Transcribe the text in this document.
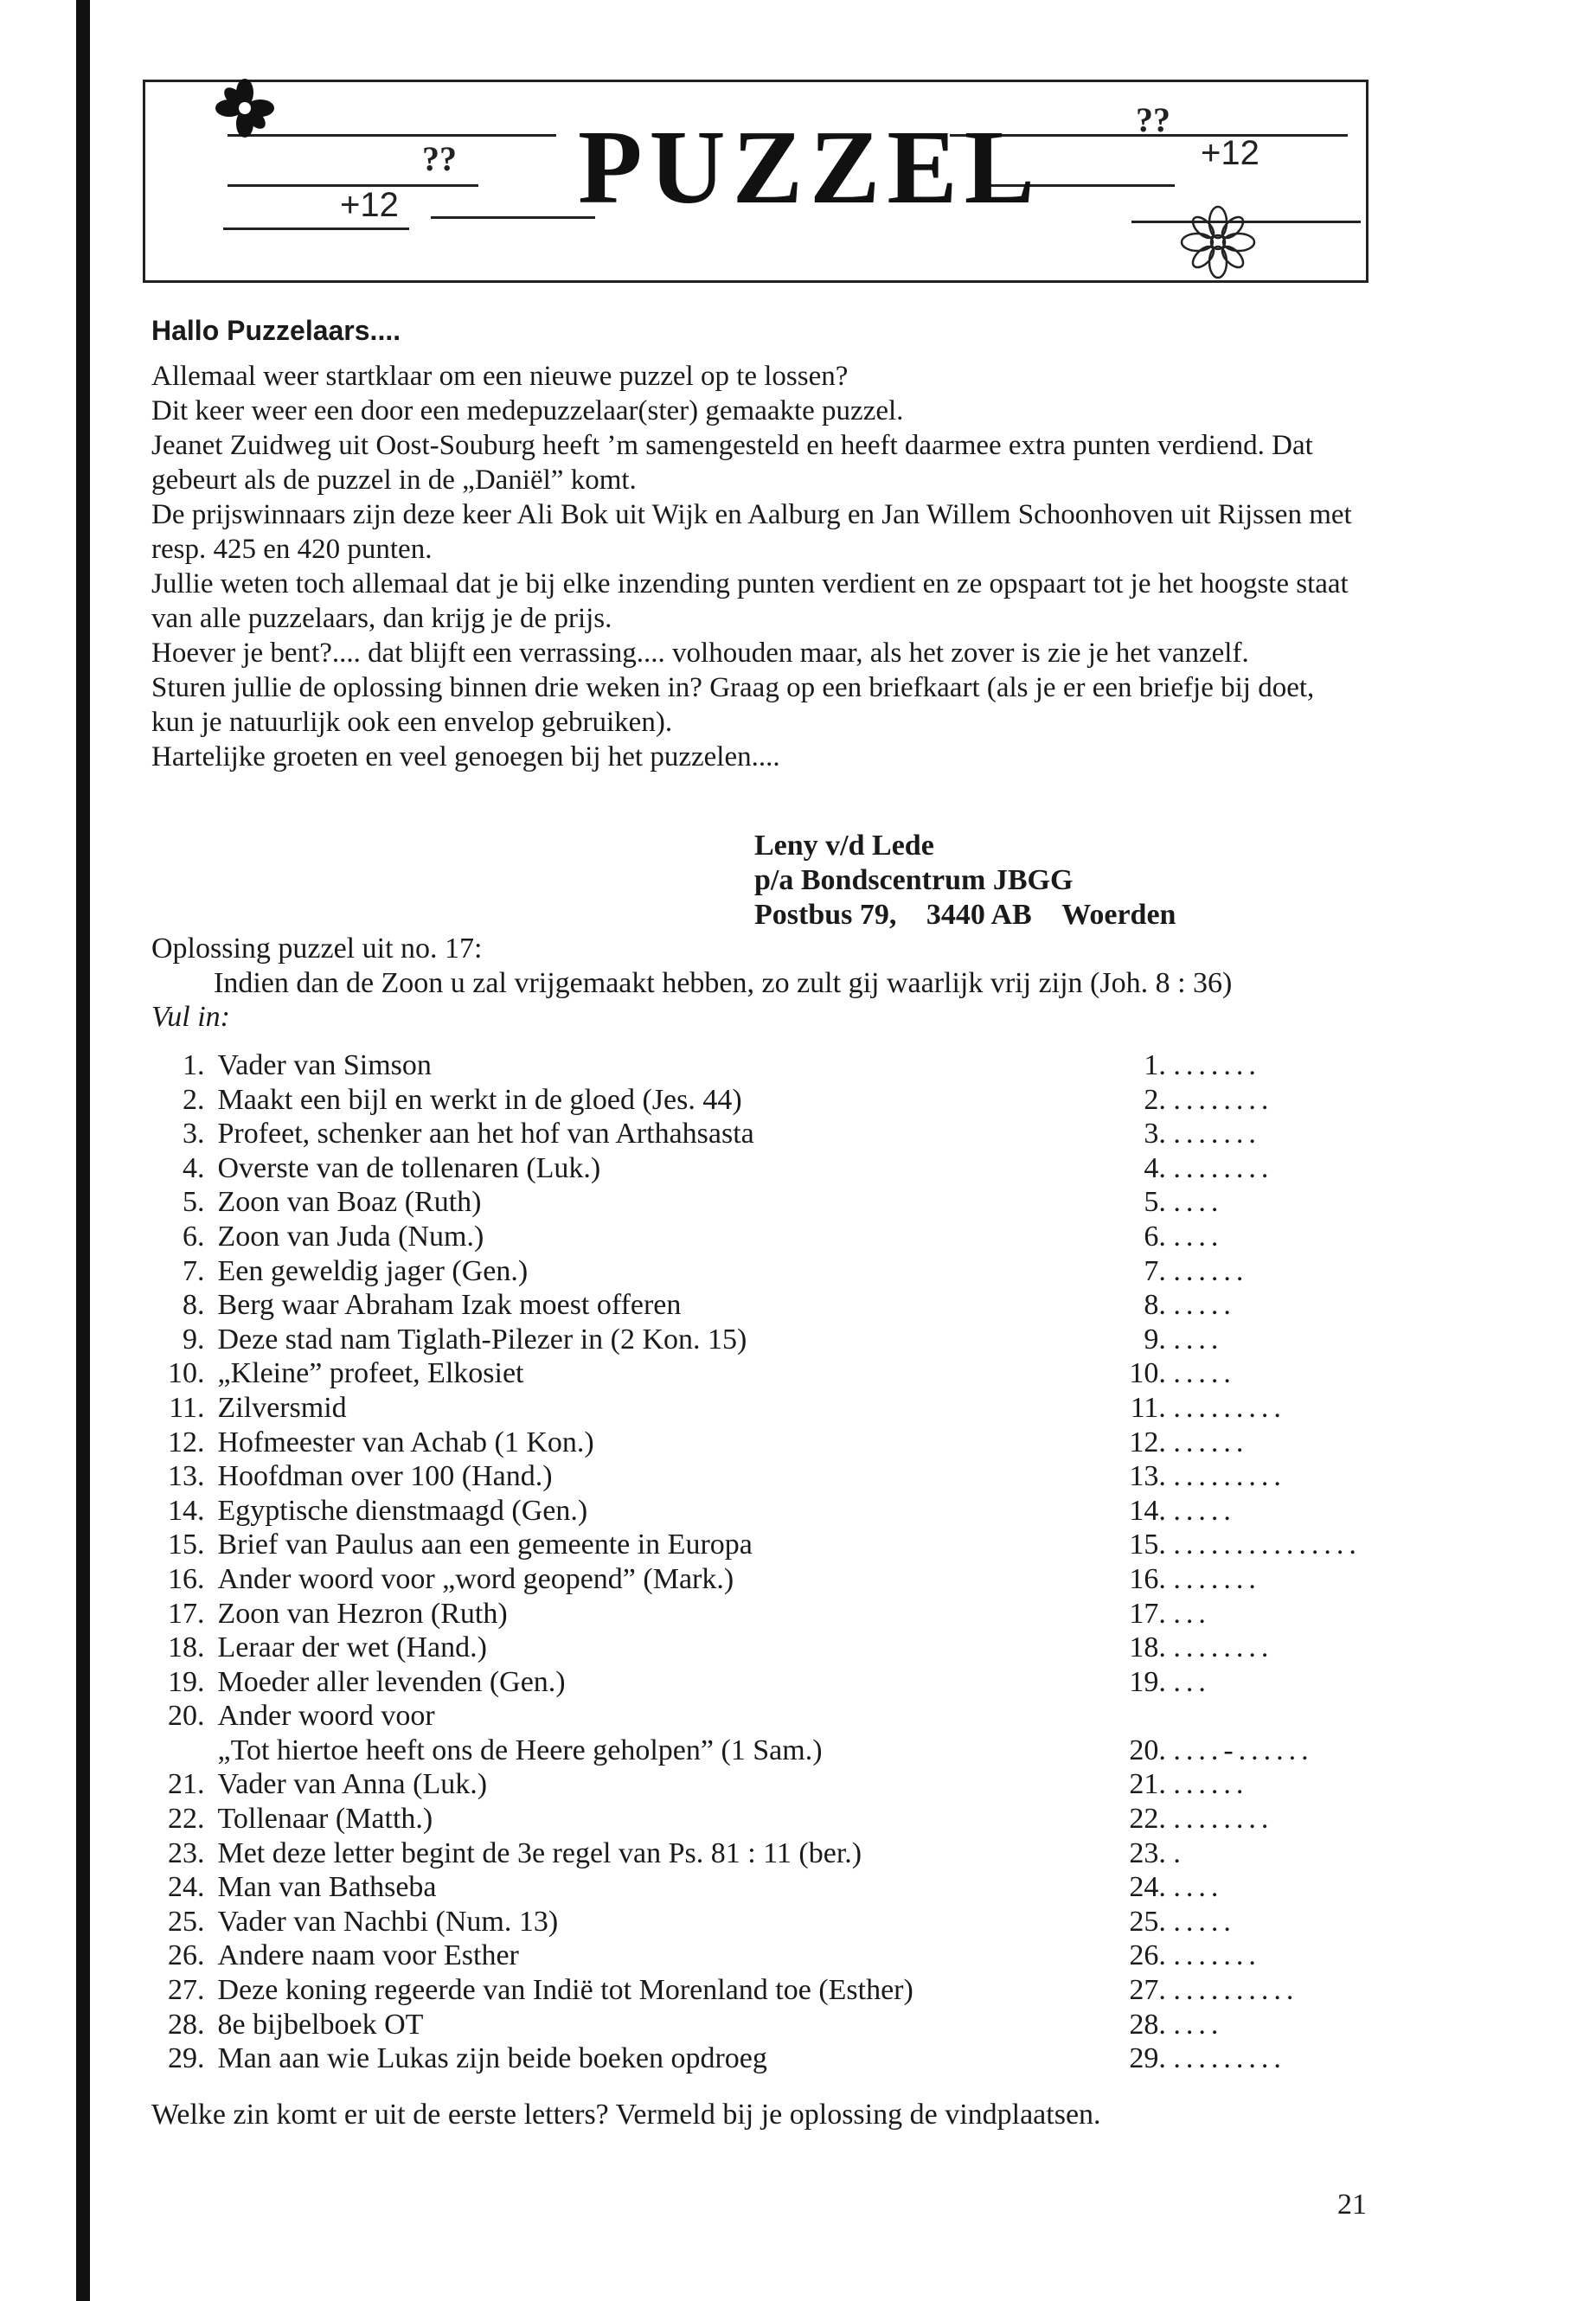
??
??
+12
+12
PUZZEL
Hallo Puzzelaars....

Allemaal weer startklaar om een nieuwe puzzel op te lossen?

Dit keer weer een door een medepuzzelaar(ster) gemaakte puzzel.

Jeanet Zuidweg uit Oost-Souburg heeft ’m samengesteld en heeft daarmee extra punten verdiend. Dat gebeurt als de puzzel in de „Daniël” komt.

De prijswinnaars zijn deze keer Ali Bok uit Wijk en Aalburg en Jan Willem Schoonhoven uit Rijssen met resp. 425 en 420 punten.

Jullie weten toch allemaal dat je bij elke inzending punten verdient en ze opspaart tot je het hoogste staat van alle puzzelaars, dan krijg je de prijs.

Hoever je bent?.... dat blijft een verrassing.... volhouden maar, als het zover is zie je het vanzelf.

Sturen jullie de oplossing binnen drie weken in? Graag op een briefkaart (als je er een briefje bij doet, kun je natuurlijk ook een envelop gebruiken).

Hartelijke groeten en veel genoegen bij het puzzelen....

Leny v/d Lede
p/a Bondscentrum JBGG
Postbus 79, 3440 AB Woerden
Oplossing puzzel uit no. 17:
Indien dan de Zoon u zal vrijgemaakt hebben, zo zult gij waarlijk vrij zijn (Joh. 8 : 36)
Vul in:
1. Vader van Simson	1. .......
2. Maakt een bijl en werkt in de gloed (Jes. 44)	2. ........
3. Profeet, schenker aan het hof van Arthahsasta	3. .......
4. Overste van de tollenaren (Luk.)	4. ........
5. Zoon van Boaz (Ruth)	5. ....
6. Zoon van Juda (Num.)	6. ....
7. Een geweldig jager (Gen.)	7. ......
8. Berg waar Abraham Izak moest offeren	8. .....
9. Deze stad nam Tiglath-Pilezer in (2 Kon. 15)	9. ....
10. „Kleine” profeet, Elkosiet	10. .....
11. Zilversmid	11. .........
12. Hofmeester van Achab (1 Kon.)	12. ......
13. Hoofdman over 100 (Hand.)	13. .........
14. Egyptische dienstmaagd (Gen.)	14. .....
15. Brief van Paulus aan een gemeente in Europa	15. ...............
16. Ander woord voor „word geopend” (Mark.)	16. .......
17. Zoon van Hezron (Ruth)	17. ...
18. Leraar der wet (Hand.)	18. ........
19. Moeder aller levenden (Gen.)	19. ...
20. Ander woord voor
„Tot hiertoe heeft ons de Heere geholpen” (1 Sam.)	20. ....-......
21. Vader van Anna (Luk.)	21. ......
22. Tollenaar (Matth.)	22. ........
23. Met deze letter begint de 3e regel van Ps. 81 : 11 (ber.)	23. .
24. Man van Bathseba	24. ....
25. Vader van Nachbi (Num. 13)	25. .....
26. Andere naam voor Esther	26. .......
27. Deze koning regeerde van Indië tot Morenland toe (Esther)	27. ..........
28. 8e bijbelboek OT	28. ....
29. Man aan wie Lukas zijn beide boeken opdroeg	29. .........
Welke zin komt er uit de eerste letters? Vermeld bij je oplossing de vindplaatsen.
21
